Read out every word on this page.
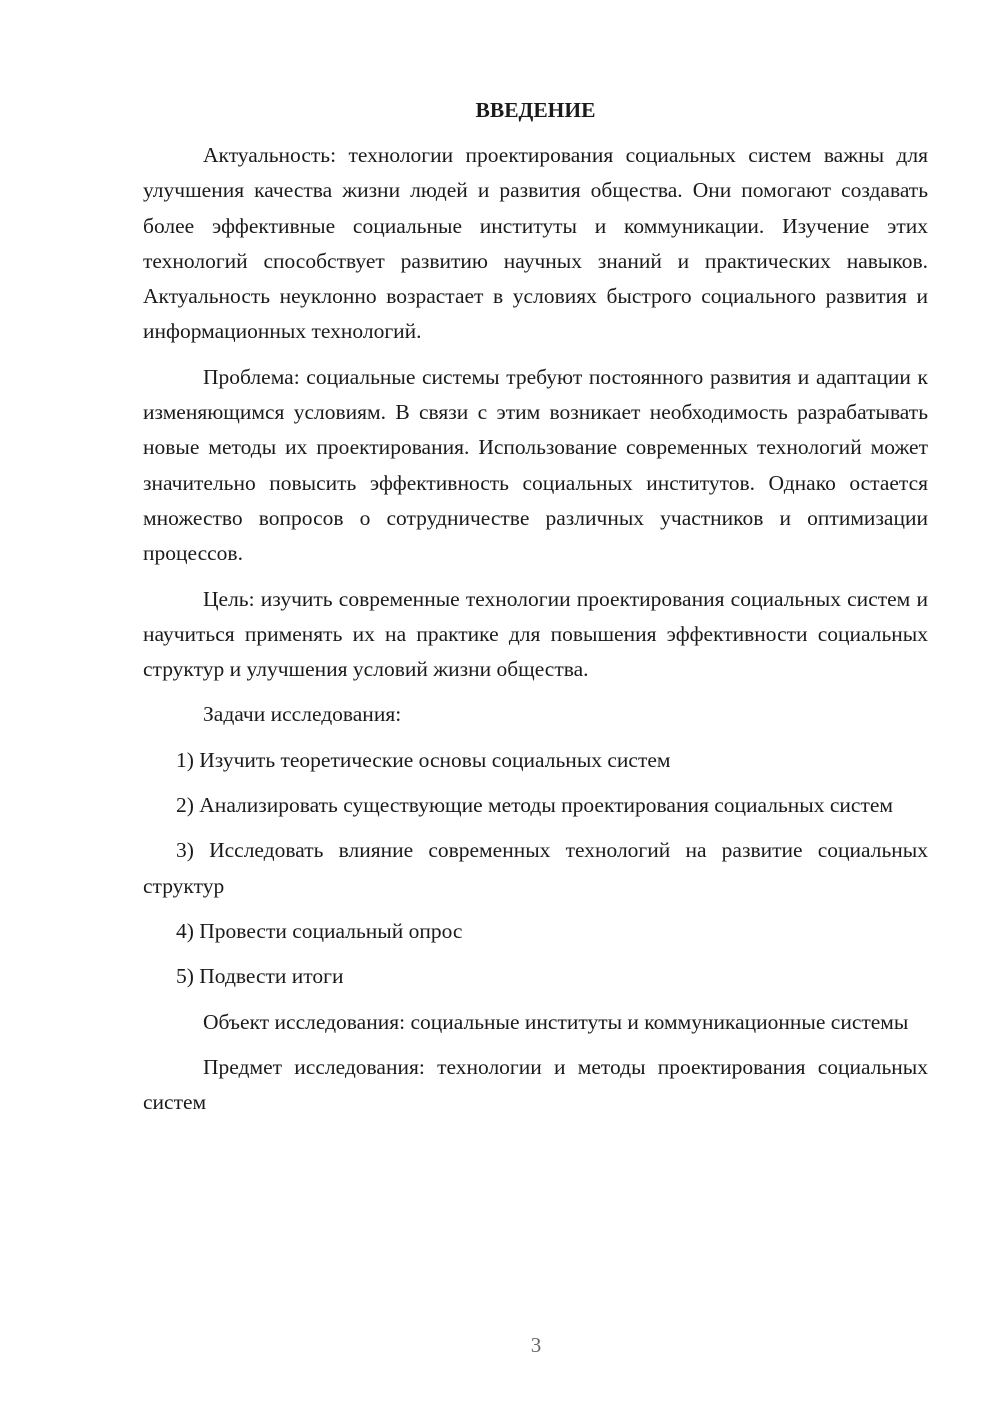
ВВЕДЕНИЕ

Актуальность: технологии проектирования социальных систем важны для улучшения качества жизни людей и развития общества. Они помогают создавать более эффективные социальные институты и коммуникации. Изучение этих технологий способствует развитию научных знаний и практических навыков. Актуальность неуклонно возрастает в условиях быстрого социального развития и информационных технологий.

Проблема: социальные системы требуют постоянного развития и адаптации к изменяющимся условиям. В связи с этим возникает необходимость разрабатывать новые методы их проектирования. Использование современных технологий может значительно повысить эффективность социальных институтов. Однако остается множество вопросов о сотрудничестве различных участников и оптимизации процессов.

Цель: изучить современные технологии проектирования социальных систем и научиться применять их на практике для повышения эффективности социальных структур и улучшения условий жизни общества.

Задачи исследования:

1) Изучить теоретические основы социальных систем

2) Анализировать существующие методы проектирования социальных систем

3) Исследовать влияние современных технологий на развитие социальных структур

4) Провести социальный опрос

5) Подвести итоги

Объект исследования: социальные институты и коммуникационные системы

Предмет исследования: технологии и методы проектирования социальных систем

3
